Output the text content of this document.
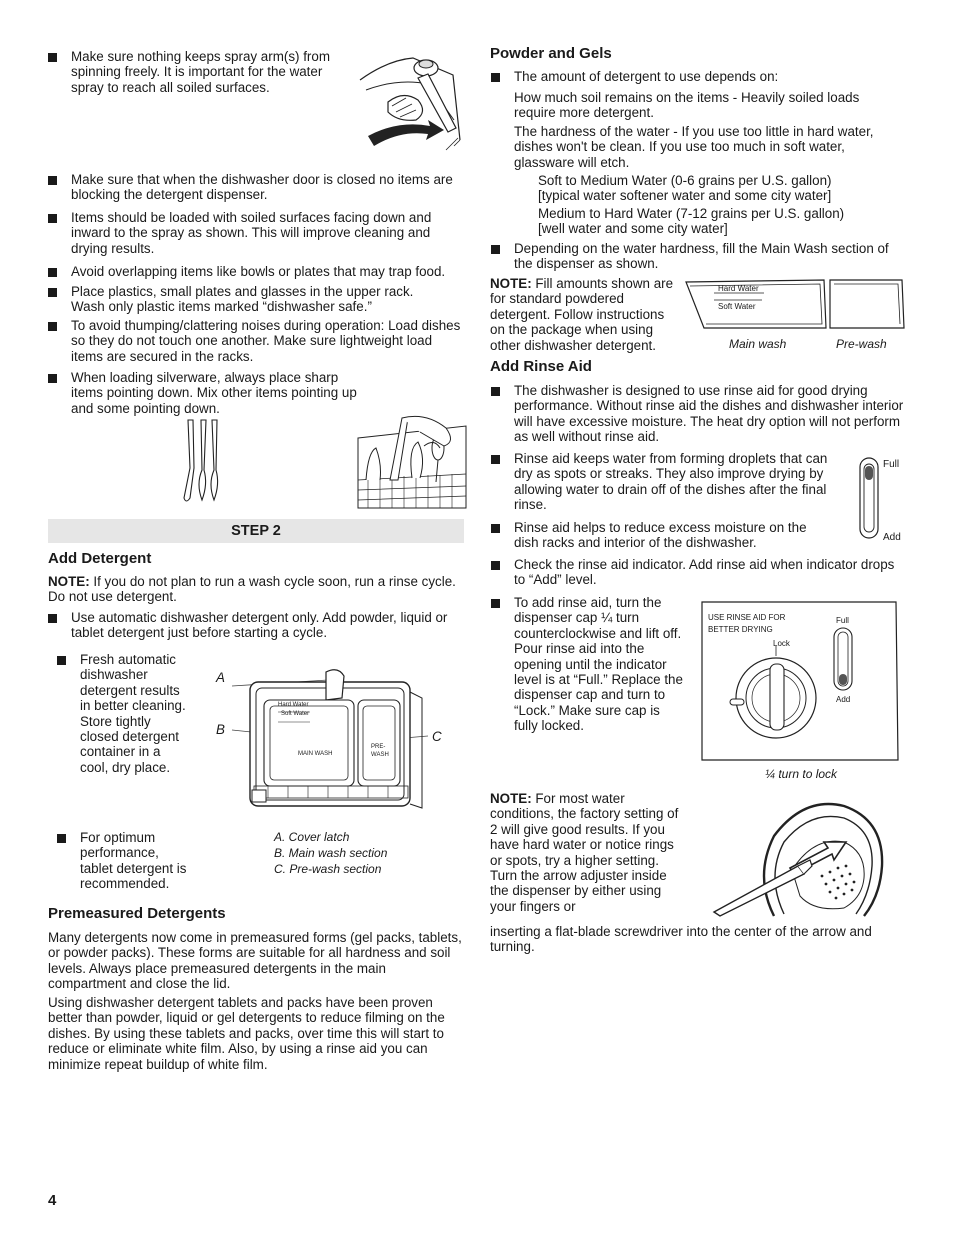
Make sure nothing keeps spray arm(s) from spinning freely. It is important for the water spray to reach all soiled surfaces.
Make sure that when the dishwasher door is closed no items are blocking the detergent dispenser.
Items should be loaded with soiled surfaces facing down and inward to the spray as shown. This will improve cleaning and drying results.
Avoid overlapping items like bowls or plates that may trap food.
Place plastics, small plates and glasses in the upper rack. Wash only plastic items marked “dishwasher safe.”
To avoid thumping/clattering noises during operation: Load dishes so they do not touch one another. Make sure lightweight load items are secured in the racks.
When loading silverware, always place sharp items pointing down. Mix other items pointing up and some pointing down.
STEP 2
Add Detergent
NOTE: If you do not plan to run a wash cycle soon, run a rinse cycle. Do not use detergent.
Use automatic dishwasher detergent only. Add powder, liquid or tablet detergent just before starting a cycle.
Fresh automatic dishwasher detergent results in better cleaning. Store tightly closed detergent container in a cool, dry place.
A
B	C
Hard Water
Soft Water
MAIN WASH
PRE-
WASH
For optimum performance, tablet detergent is recommended.
A. Cover latch
B. Main wash section
C. Pre-wash section
Premeasured Detergents
Many detergents now come in premeasured forms (gel packs, tablets, or powder packs). These forms are suitable for all hardness and soil levels. Always place premeasured detergents in the main compartment and close the lid.
Using dishwasher detergent tablets and packs have been proven better than powder, liquid or gel detergents to reduce filming on the dishes. By using these tablets and packs, over time this will start to reduce or eliminate white film. Also, by using a rinse aid you can minimize repeat buildup of white film.
4
Powder and Gels
The amount of detergent to use depends on:
How much soil remains on the items - Heavily soiled loads require more detergent.
The hardness of the water - If you use too little in hard water, dishes won't be clean. If you use too much in soft water, glassware will etch.
Soft to Medium Water (0-6 grains per U.S. gallon) [typical water softener water and some city water]
Medium to Hard Water (7-12 grains per U.S. gallon) [well water and some city water]
Depending on the water hardness, fill the Main Wash section of the dispenser as shown.
NOTE: Fill amounts shown are for standard powdered detergent. Follow instructions on the package when using other dishwasher detergent.
Hard Water
Soft Water
Main wash	Pre-wash
Add Rinse Aid
The dishwasher is designed to use rinse aid for good drying performance. Without rinse aid the dishes and dishwasher interior will have excessive moisture. The heat dry option will not perform as well without rinse aid.
Rinse aid keeps water from forming droplets that can dry as spots or streaks. They also improve drying by allowing water to drain off of the dishes after the final rinse.
Full
Add
Rinse aid helps to reduce excess moisture on the dish racks and interior of the dishwasher.
Check the rinse aid indicator. Add rinse aid when indicator drops to “Add” level.
To add rinse aid, turn the dispenser cap ¼ turn counterclockwise and lift off. Pour rinse aid into the opening until the indicator level is at “Full.” Replace the dispenser cap and turn to “Lock.” Make sure cap is fully locked.
USE RINSE AID FOR
BETTER DRYING
Lock
Full
Add
¼ turn to lock
NOTE: For most water conditions, the factory setting of 2 will give good results. If you have hard water or notice rings or spots, try a higher setting. Turn the arrow adjuster inside the dispenser by either using your fingers or
inserting a flat-blade screwdriver into the center of the arrow and turning.
